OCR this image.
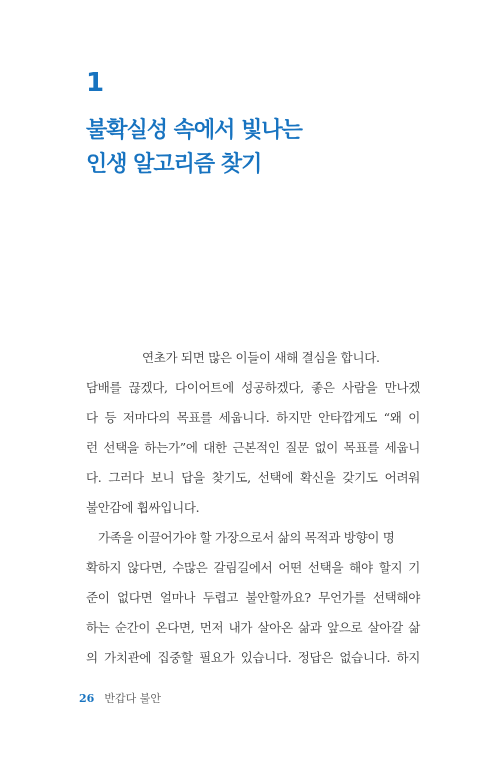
1
불확실성 속에서 빛나는
인생 알고리즘 찾기
연초가 되면 많은 이들이 새해 결심을 합니다.
담배를 끊겠다, 다이어트에 성공하겠다, 좋은 사람을 만나겠
다 등 저마다의 목표를 세웁니다. 하지만 안타깝게도 “왜 이
런 선택을 하는가”에 대한 근본적인 질문 없이 목표를 세웁니
다. 그러다 보니 답을 찾기도, 선택에 확신을 갖기도 어려워
불안감에 휩싸입니다.
가족을 이끌어가야 할 가장으로서 삶의 목적과 방향이 명
확하지 않다면, 수많은 갈림길에서 어떤 선택을 해야 할지 기
준이 없다면 얼마나 두렵고 불안할까요? 무언가를 선택해야
하는 순간이 온다면, 먼저 내가 살아온 삶과 앞으로 살아갈 삶
의 가치관에 집중할 필요가 있습니다. 정답은 없습니다. 하지
26 반갑다 불안
